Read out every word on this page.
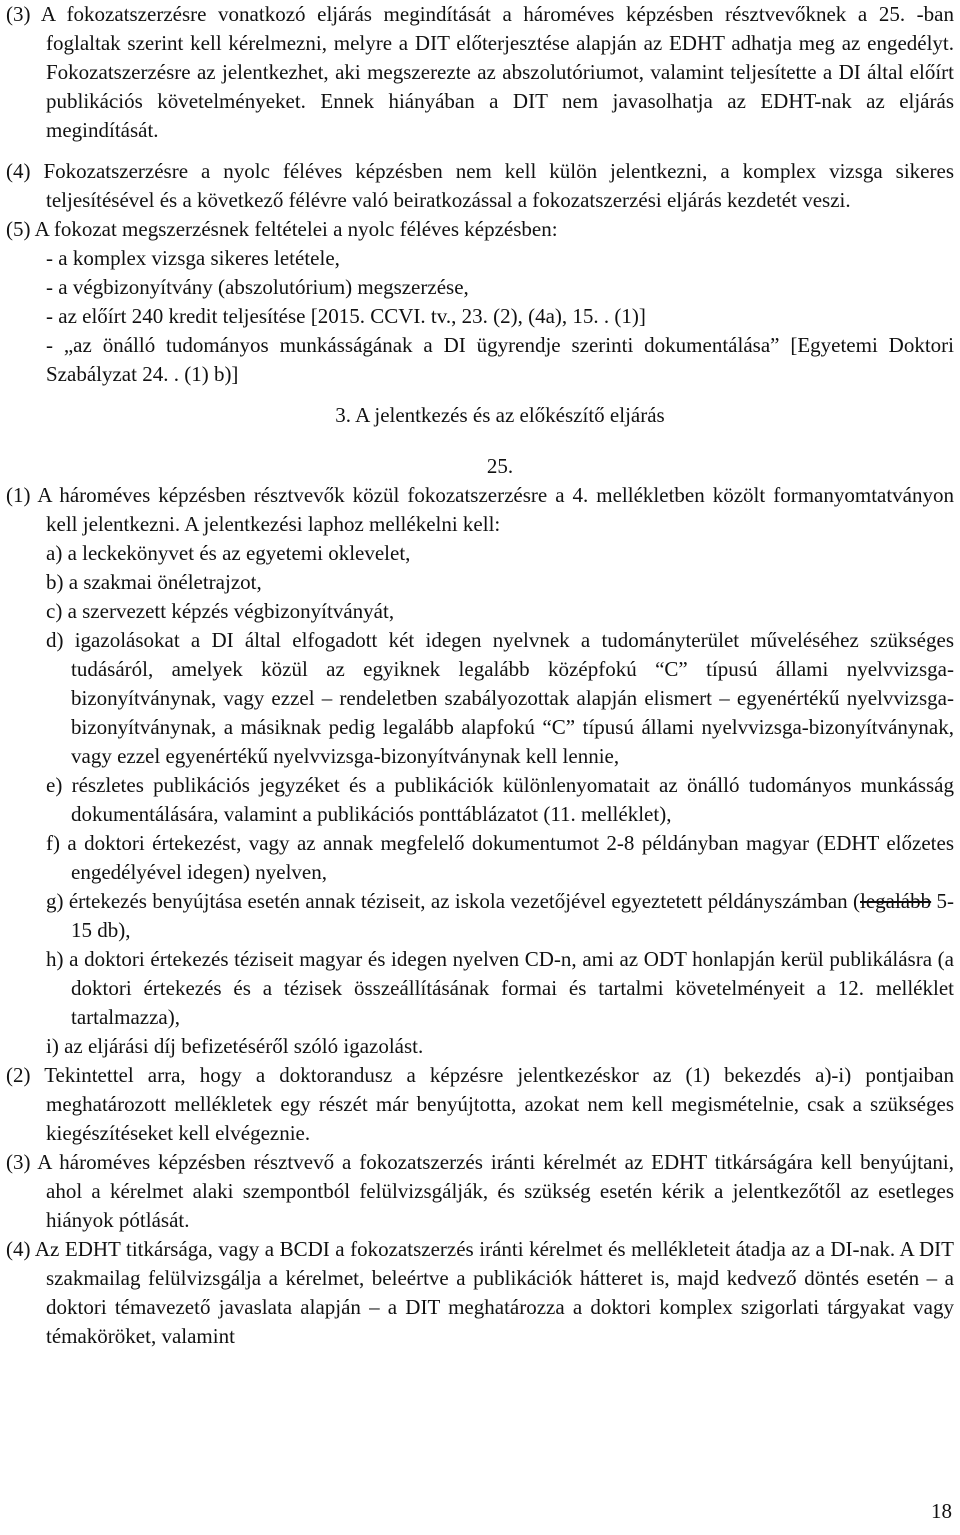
(3) A fokozatszerzésre vonatkozó eljárás megindítását a hároméves képzésben résztvevőknek a 25. -ban foglaltak szerint kell kérelmezni, melyre a DIT előterjesztése alapján az EDHT adhatja meg az engedélyt. Fokozatszerzésre az jelentkezhet, aki megszerezte az abszolutóriumot, valamint teljesítette a DI által előírt publikációs követelményeket. Ennek hiányában a DIT nem javasolhatja az EDHT-nak az eljárás megindítását.

(4) Fokozatszerzésre a nyolc féléves képzésben nem kell külön jelentkezni, a komplex vizsga sikeres teljesítésével és a következő félévre való beiratkozással a fokozatszerzési eljárás kezdetét veszi.

(5) A fokozat megszerzésnek feltételei a nyolc féléves képzésben:

- a komplex vizsga sikeres letétele,

- a végbizonyítvány (abszolutórium) megszerzése,

- az előírt 240 kredit teljesítése [2015. CCVI. tv., 23. (2), (4a), 15. . (1)]

- „az önálló tudományos munkásságának a DI ügyrendje szerinti dokumentálása” [Egyetemi Doktori Szabályzat 24. . (1) b)]

3. A jelentkezés és az előkészítő eljárás

25.

(1) A hároméves képzésben résztvevők közül fokozatszerzésre a 4. mellékletben közölt formanyomtatványon kell jelentkezni. A jelentkezési laphoz mellékelni kell:

a) a leckekönyvet és az egyetemi oklevelet,

b) a szakmai önéletrajzot,

c) a szervezett képzés végbizonyítványát,

d) igazolásokat a DI által elfogadott két idegen nyelvnek a tudományterület műveléséhez szükséges tudásáról, amelyek közül az egyiknek legalább középfokú “C” típusú állami nyelvvizsga-bizonyítványnak, vagy ezzel – rendeletben szabályozottak alapján elismert – egyenértékű nyelvvizsga-bizonyítványnak, a másiknak pedig legalább alapfokú “C” típusú állami nyelvvizsga-bizonyítványnak, vagy ezzel egyenértékű nyelvvizsga-bizonyítványnak kell lennie,

e) részletes publikációs jegyzéket és a publikációk különlenyomatait az önálló tudományos munkásság dokumentálására, valamint a publikációs ponttáblázatot (11. melléklet),

f) a doktori értekezést, vagy az annak megfelelő dokumentumot 2-8 példányban magyar (EDHT előzetes engedélyével idegen) nyelven,

g) értekezés benyújtása esetén annak téziseit, az iskola vezetőjével egyeztetett példányszámban (legalább 5-15 db),

h) a doktori értekezés téziseit magyar és idegen nyelven CD-n, ami az ODT honlapján kerül publikálásra (a doktori értekezés és a tézisek összeállításának formai és tartalmi követelményeit a 12. melléklet tartalmazza),

i) az eljárási díj befizetéséről szóló igazolást.

(2) Tekintettel arra, hogy a doktorandusz a képzésre jelentkezéskor az (1) bekezdés a)-i) pontjaiban meghatározott mellékletek egy részét már benyújtotta, azokat nem kell megismételnie, csak a szükséges kiegészítéseket kell elvégeznie.

(3) A hároméves képzésben résztvevő a fokozatszerzés iránti kérelmét az EDHT titkárságára kell benyújtani, ahol a kérelmet alaki szempontból felülvizsgálják, és szükség esetén kérik a jelentkezőtől az esetleges hiányok pótlását.

(4) Az EDHT titkársága, vagy a BCDI a fokozatszerzés iránti kérelmet és mellékleteit átadja az a DI-nak. A DIT szakmailag felülvizsgálja a kérelmet, beleértve a publikációk hátteret is, majd kedvező döntés esetén – a doktori témavezető javaslata alapján – a DIT meghatározza a doktori komplex szigorlati tárgyakat vagy témaköröket, valamint

18
